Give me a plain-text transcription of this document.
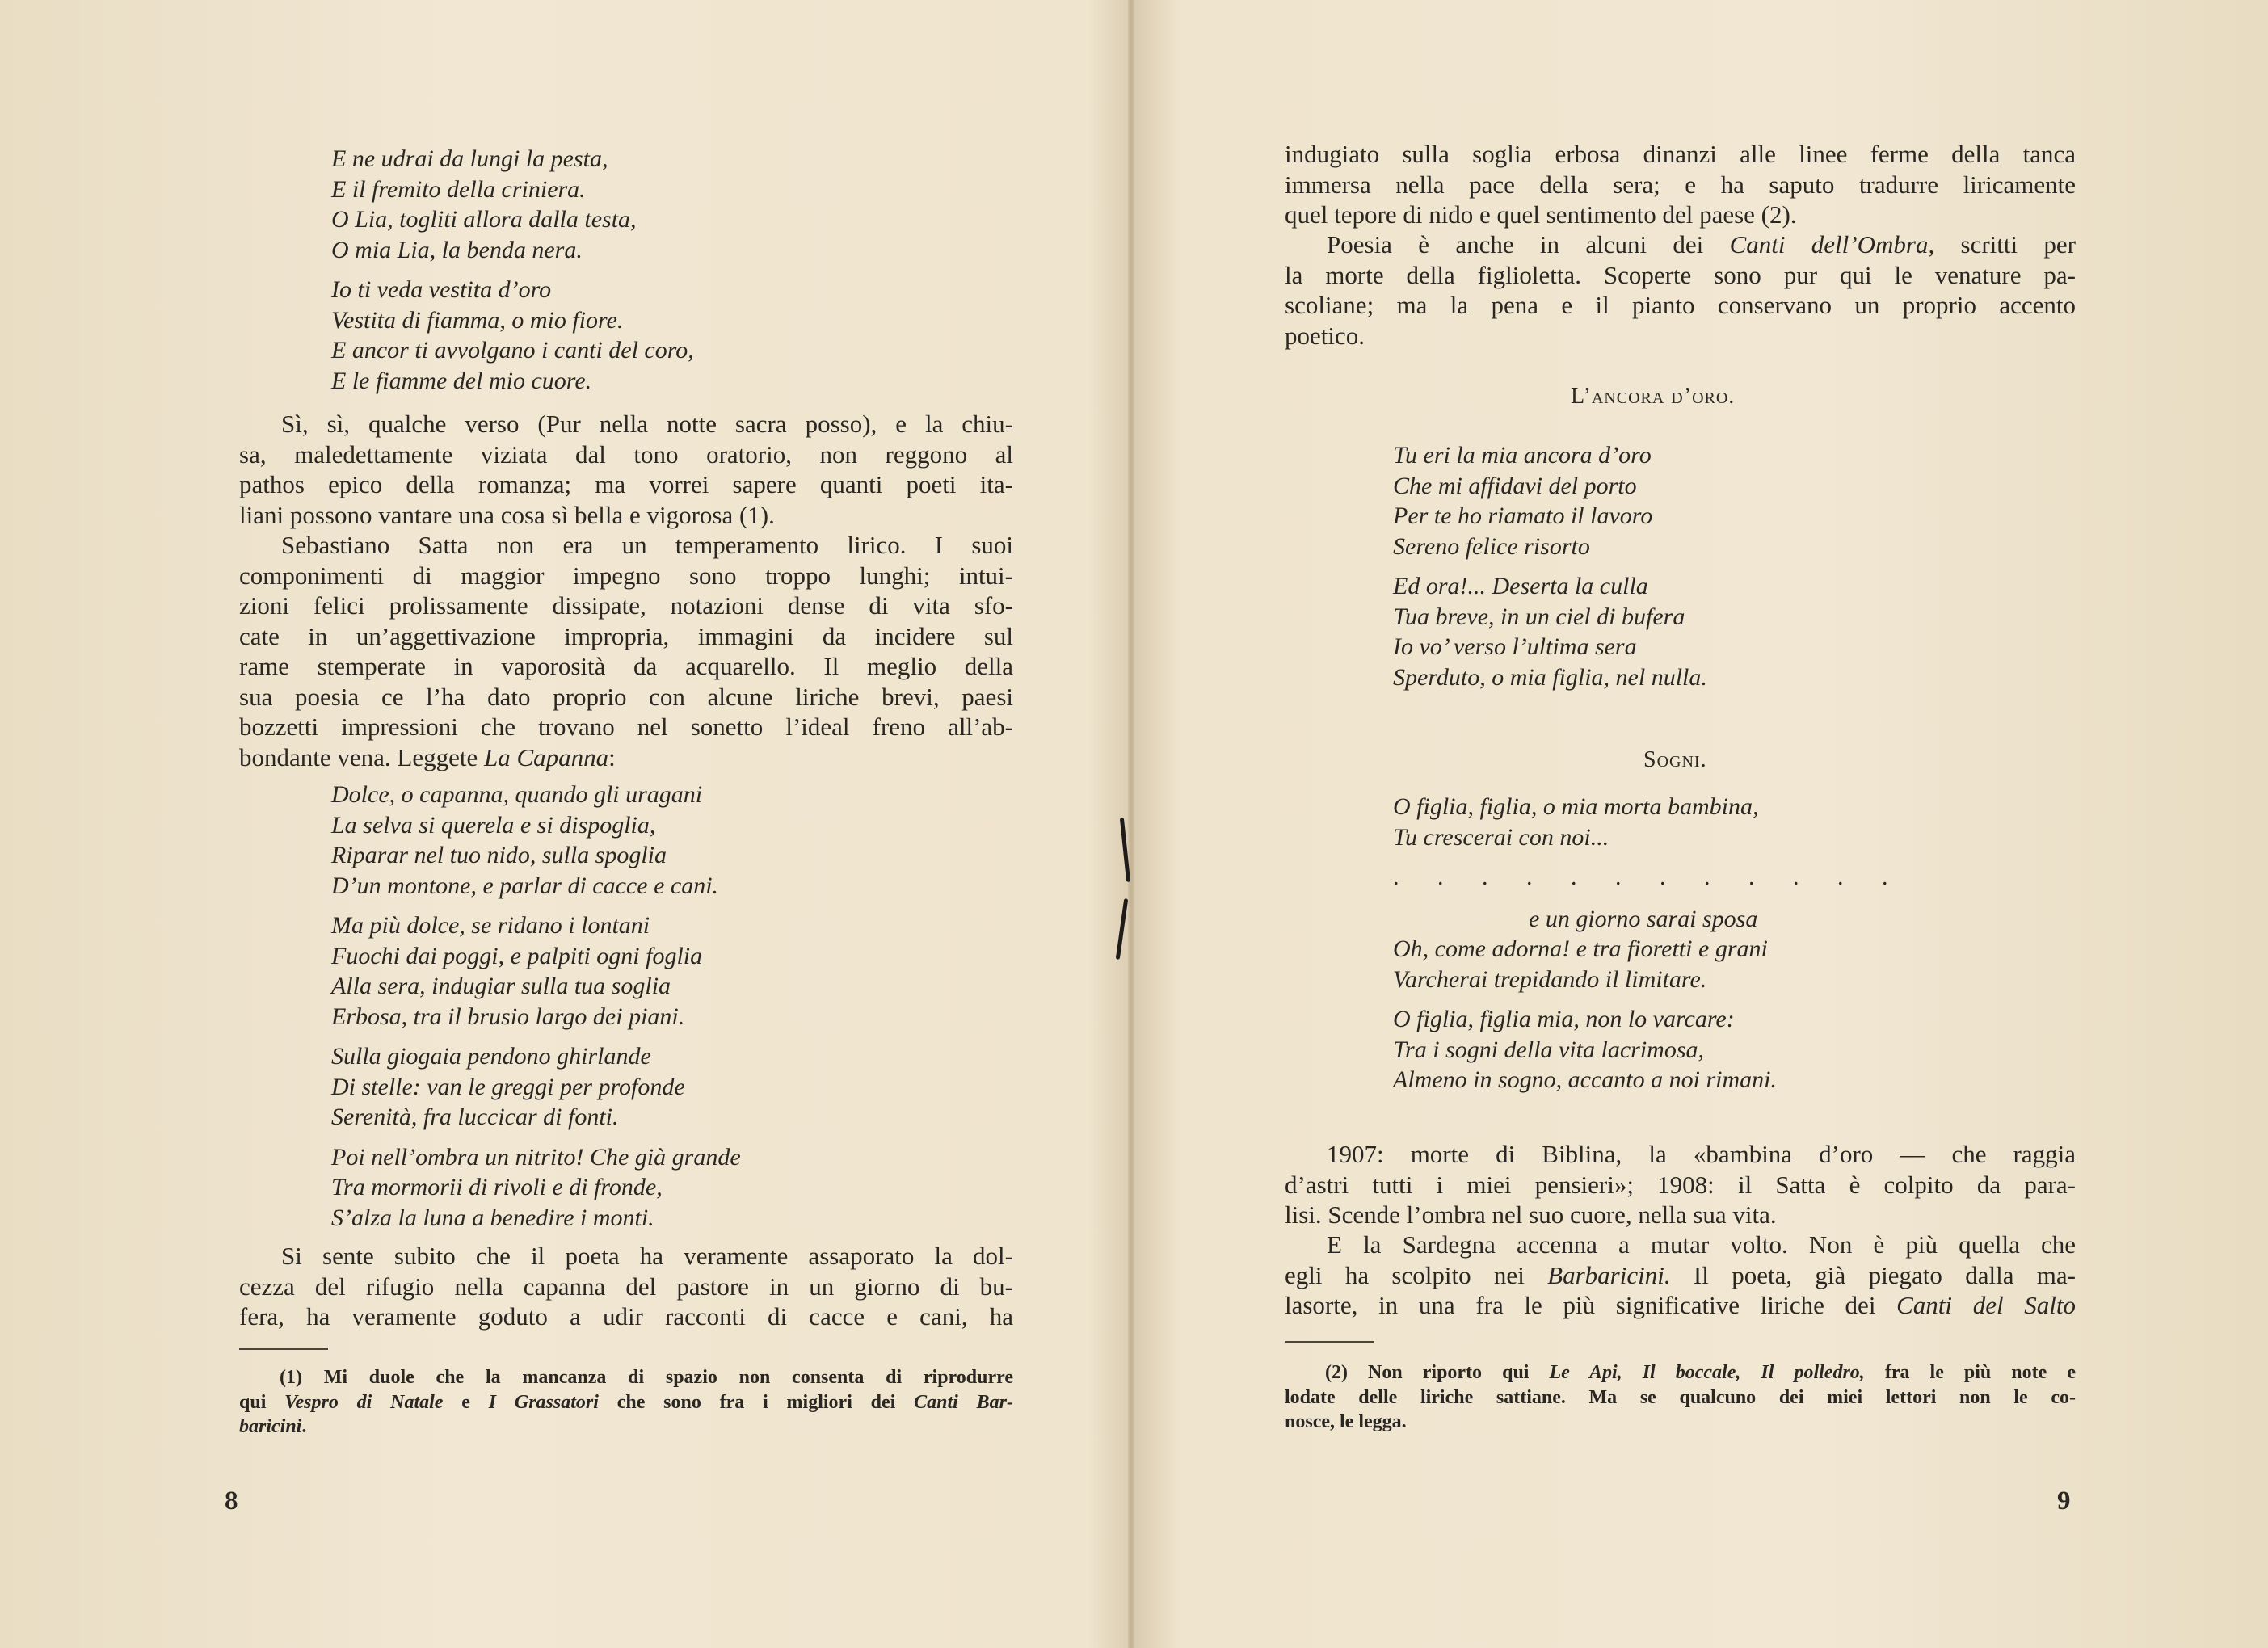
E ne udrai da lungi la pesta,
E il fremito della criniera.
O Lia, togliti allora dalla testa,
O mia Lia, la benda nera.
Io ti veda vestita d’oro
Vestita di fiamma, o mio fiore.
E ancor ti avvolgano i canti del coro,
E le fiamme del mio cuore.
Sì, sì, qualche verso (Pur nella notte sacra posso), e la chiu-
sa, maledettamente viziata dal tono oratorio, non reggono al
pathos epico della romanza; ma vorrei sapere quanti poeti ita-
liani possono vantare una cosa sì bella e vigorosa (1).
Sebastiano Satta non era un temperamento lirico. I suoi
componimenti di maggior impegno sono troppo lunghi; intui-
zioni felici prolissamente dissipate, notazioni dense di vita sfo-
cate in un’aggettivazione impropria, immagini da incidere sul
rame stemperate in vaporosità da acquarello. Il meglio della
sua poesia ce l’ha dato proprio con alcune liriche brevi, paesi
bozzetti impressioni che trovano nel sonetto l’ideal freno all’ab-
bondante vena. Leggete La Capanna:
Dolce, o capanna, quando gli uragani
La selva si querela e si dispoglia,
Riparar nel tuo nido, sulla spoglia
D’un montone, e parlar di cacce e cani.
Ma più dolce, se ridano i lontani
Fuochi dai poggi, e palpiti ogni foglia
Alla sera, indugiar sulla tua soglia
Erbosa, tra il brusio largo dei piani.
Sulla giogaia pendono ghirlande
Di stelle: van le greggi per profonde
Serenità, fra luccicar di fonti.
Poi nell’ombra un nitrito! Che già grande
Tra mormorii di rivoli e di fronde,
S’alza la luna a benedire i monti.
Si sente subito che il poeta ha veramente assaporato la dol-
cezza del rifugio nella capanna del pastore in un giorno di bu-
fera, ha veramente goduto a udir racconti di cacce e cani, ha
(1) Mi duole che la mancanza di spazio non consenta di riprodurre
qui Vespro di Natale e I Grassatori che sono fra i migliori dei Canti Bar-
baricini.
8
indugiato sulla soglia erbosa dinanzi alle linee ferme della tanca
immersa nella pace della sera; e ha saputo tradurre liricamente
quel tepore di nido e quel sentimento del paese (2).
Poesia è anche in alcuni dei Canti dell’Ombra, scritti per
la morte della figlioletta. Scoperte sono pur qui le venature pa-
scoliane; ma la pena e il pianto conservano un proprio accento
poetico.
L’ancora d’oro.
Tu eri la mia ancora d’oro
Che mi affidavi del porto
Per te ho riamato il lavoro
Sereno felice risorto
Ed ora!... Deserta la culla
Tua breve, in un ciel di bufera
Io vo’ verso l’ultima sera
Sperduto, o mia figlia, nel nulla.
Sogni.
O figlia, figlia, o mia morta bambina,
Tu crescerai con noi...
. . . . . . . . . . . .
e un giorno sarai sposa
Oh, come adorna! e tra fioretti e grani
Varcherai trepidando il limitare.
O figlia, figlia mia, non lo varcare:
Tra i sogni della vita lacrimosa,
Almeno in sogno, accanto a noi rimani.
1907: morte di Biblina, la «bambina d’oro — che raggia
d’astri tutti i miei pensieri»; 1908: il Satta è colpito da para-
lisi. Scende l’ombra nel suo cuore, nella sua vita.
E la Sardegna accenna a mutar volto. Non è più quella che
egli ha scolpito nei Barbaricini. Il poeta, già piegato dalla ma-
lasorte, in una fra le più significative liriche dei Canti del Salto
(2) Non riporto qui Le Api, Il boccale, Il polledro, fra le più note e
lodate delle liriche sattiane. Ma se qualcuno dei miei lettori non le co-
nosce, le legga.
9
